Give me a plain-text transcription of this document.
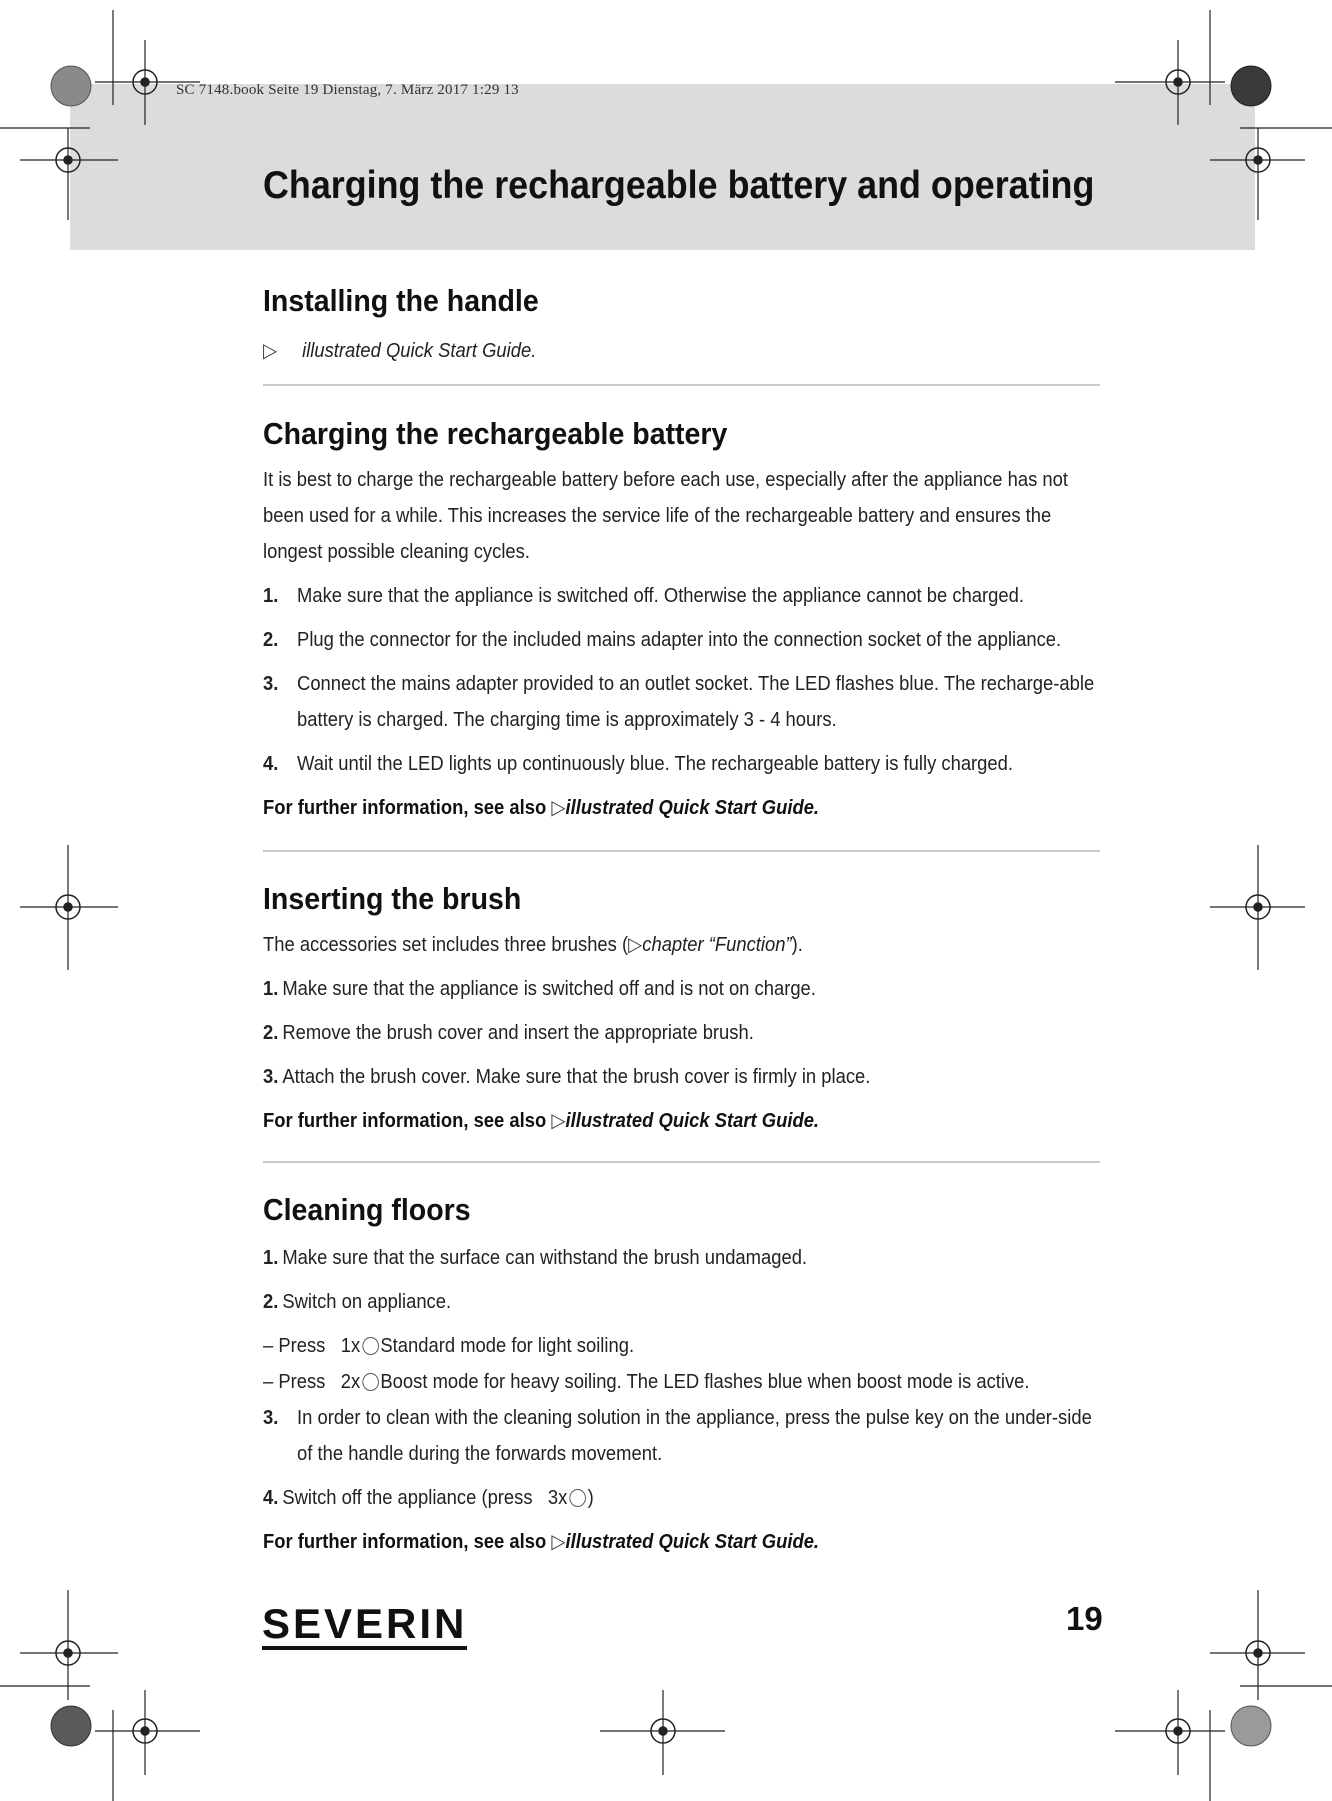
SC 7148.book Seite 19 Dienstag, 7. März 2017 1:29 13
Charging the rechargeable battery and operating
Installing the handle

▷ illustrated Quick Start Guide.

Charging the rechargeable battery

It is best to charge the rechargeable battery before each use, especially after the appliance has not been used for a while. This increases the service life of the rechargeable battery and ensures the longest possible cleaning cycles.

1. Make sure that the appliance is switched off. Otherwise the appliance cannot be charged.
2. Plug the connector for the included mains adapter into the connection socket of the appliance.
3. Connect the mains adapter provided to an outlet socket. The LED flashes blue. The recharge-able battery is charged. The charging time is approximately 3 - 4 hours.
4. Wait until the LED lights up continuously blue. The rechargeable battery is fully charged.

For further information, see also ▷illustrated Quick Start Guide.

Inserting the brush

The accessories set includes three brushes (▷chapter “Function”).

1. Make sure that the appliance is switched off and is not on charge.
2. Remove the brush cover and insert the appropriate brush.
3. Attach the brush cover. Make sure that the brush cover is firmly in place.

For further information, see also ▷illustrated Quick Start Guide.

Cleaning floors
1. Make sure that the surface can withstand the brush undamaged.
2. Switch on appliance.

– Press 1x Standard mode for light soiling.

– Press 2x Boost mode for heavy soiling. The LED flashes blue when boost mode is active.

3. In order to clean with the cleaning solution in the appliance, press the pulse key on the under-side of the handle during the forwards movement.
4. Switch off the appliance (press 3x )

For further information, see also ▷illustrated Quick Start Guide.

SEVERIN	19
